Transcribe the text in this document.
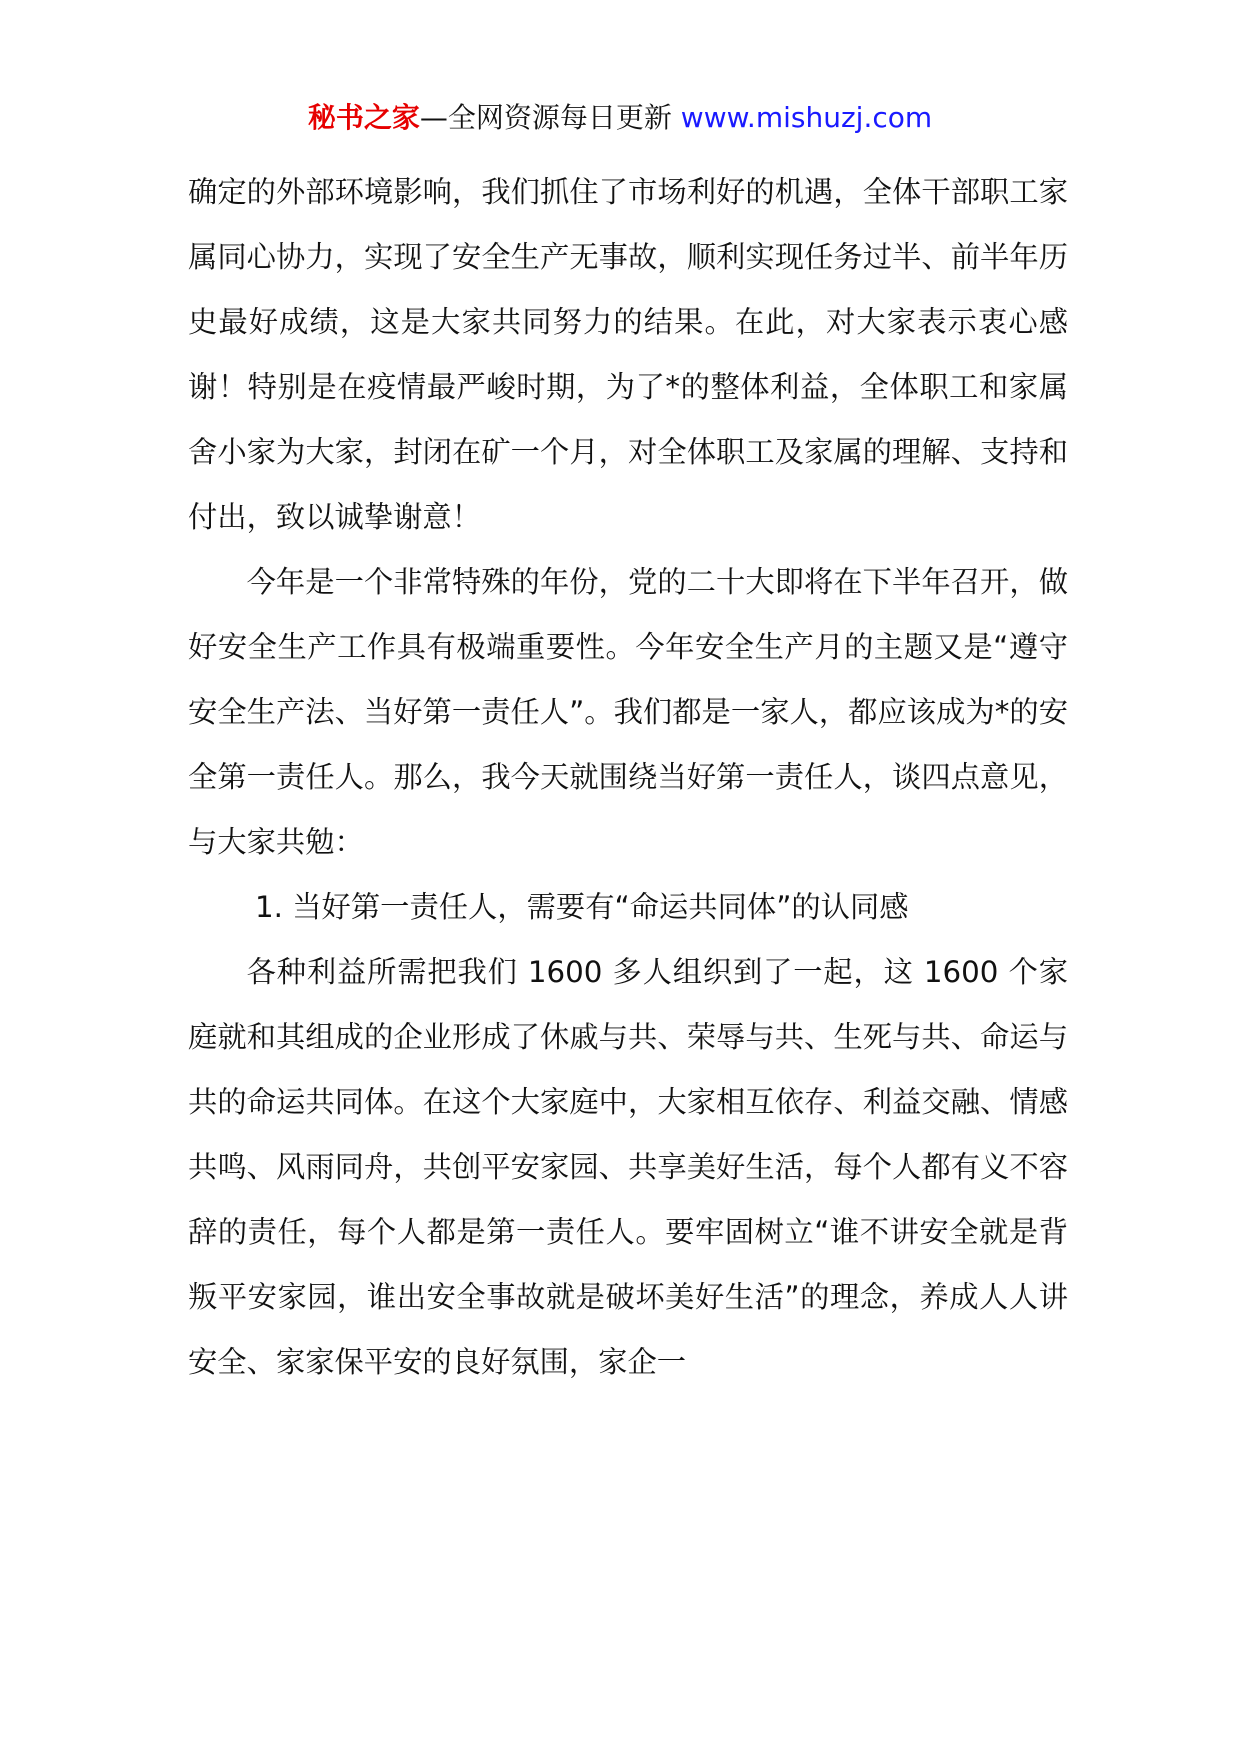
秘书之家—全网资源每日更新 www.mishuzj.com

确定的外部环境影响，我们抓住了市场利好的机遇，全体干部职工家属同心协力，实现了安全生产无事故，顺利实现任务过半、前半年历史最好成绩，这是大家共同努力的结果。在此，对大家表示衷心感谢！特别是在疫情最严峻时期，为了*的整体利益，全体职工和家属舍小家为大家，封闭在矿一个月，对全体职工及家属的理解、支持和付出，致以诚挚谢意！

今年是一个非常特殊的年份，党的二十大即将在下半年召开，做好安全生产工作具有极端重要性。今年安全生产月的主题又是“遵守安全生产法、当好第一责任人”。我们都是一家人，都应该成为*的安全第一责任人。那么，我今天就围绕当好第一责任人，谈四点意见，与大家共勉：

1. 当好第一责任人，需要有“命运共同体”的认同感

各种利益所需把我们 1600 多人组织到了一起，这 1600 个家庭就和其组成的企业形成了休戚与共、荣辱与共、生死与共、命运与共的命运共同体。在这个大家庭中，大家相互依存、利益交融、情感共鸣、风雨同舟，共创平安家园、共享美好生活，每个人都有义不容辞的责任，每个人都是第一责任人。要牢固树立“谁不讲安全就是背叛平安家园，谁出安全事故就是破坏美好生活”的理念，养成人人讲安全、家家保平安的良好氛围，家企一
